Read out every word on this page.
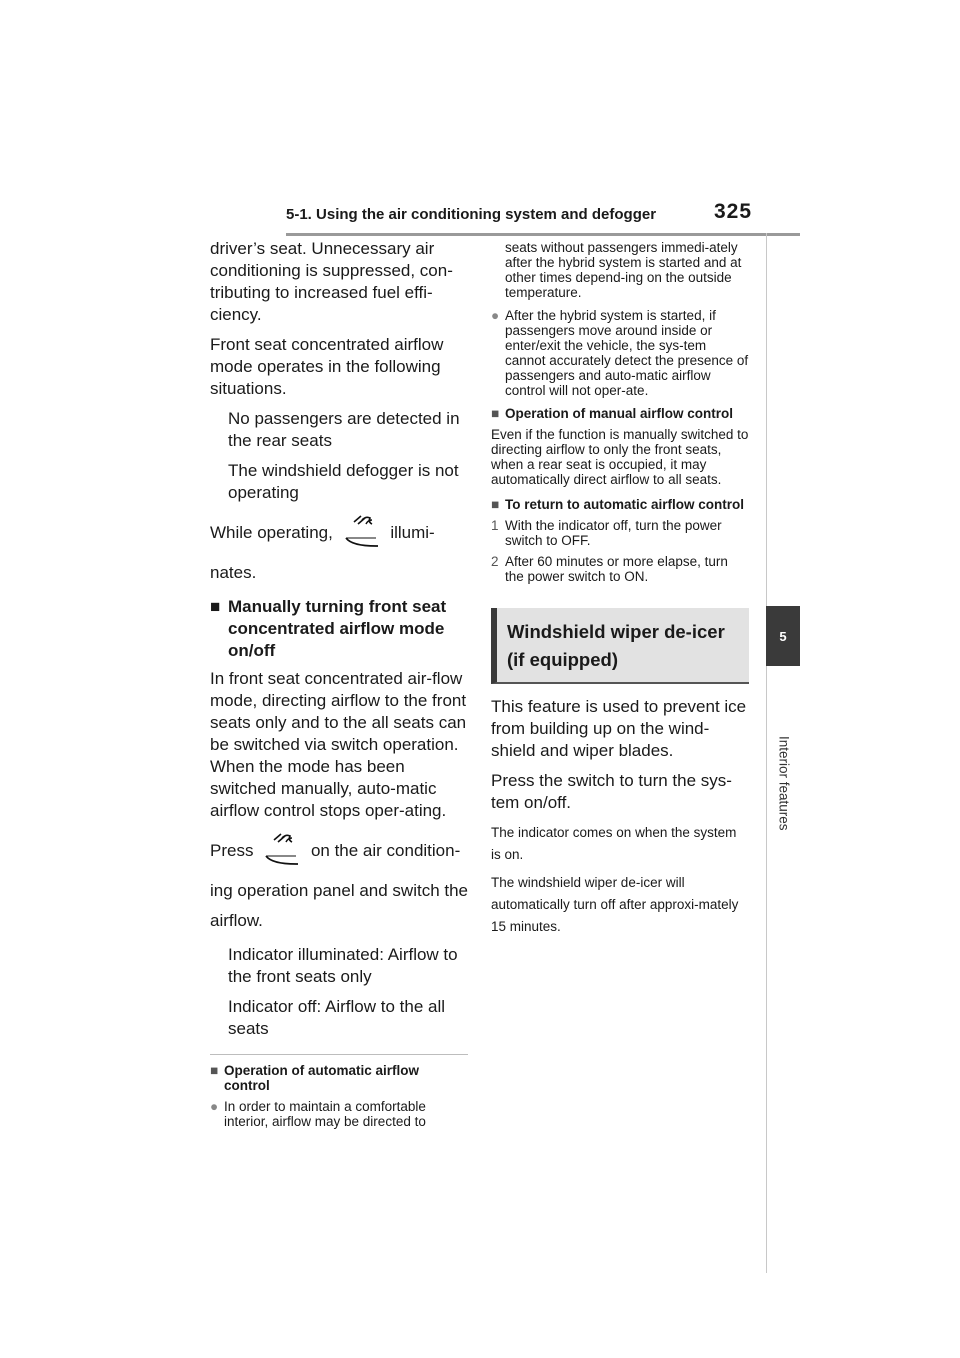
5-1. Using the air conditioning system and defogger	325
5
Interior features

driver’s seat. Unnecessary air conditioning is suppressed, con-tributing to increased fuel effi-ciency.

Front seat concentrated airflow mode operates in the following situations.

No passengers are detected in the rear seats
The windshield defogger is not operating

While operating,	illumi-
nates.

■ Manually turning front seat concentrated airflow mode on/off

In front seat concentrated air-flow mode, directing airflow to the front seats only and to the all seats can be switched via switch operation. When the mode has been switched manually, auto-matic airflow control stops oper-ating.

Press	on the air condition-
ing operation panel and switch the airflow.

Indicator illuminated: Airflow to the front seats only
Indicator off: Airflow to the all seats
■ Operation of automatic airflow control
● In order to maintain a comfortable interior, airflow may be directed to
seats without passengers immedi-ately after the hybrid system is started and at other times depend-ing on the outside temperature.
● After the hybrid system is started, if passengers move around inside or enter/exit the vehicle, the sys-tem cannot accurately detect the presence of passengers and auto-matic airflow control will not oper-ate.
■ Operation of manual airflow control

Even if the function is manually switched to directing airflow to only the front seats, when a rear seat is occupied, it may automatically direct airflow to all seats.

■ To return to automatic airflow control
1 With the indicator off, turn the power switch to OFF.
2 After 60 minutes or more elapse, turn the power switch to ON.
Windshield wiper de-icer (if equipped)

This feature is used to prevent ice from building up on the wind-shield and wiper blades.

Press the switch to turn the sys-tem on/off.

The indicator comes on when the system is on.

The windshield wiper de-icer will automatically turn off after approxi-mately 15 minutes.
